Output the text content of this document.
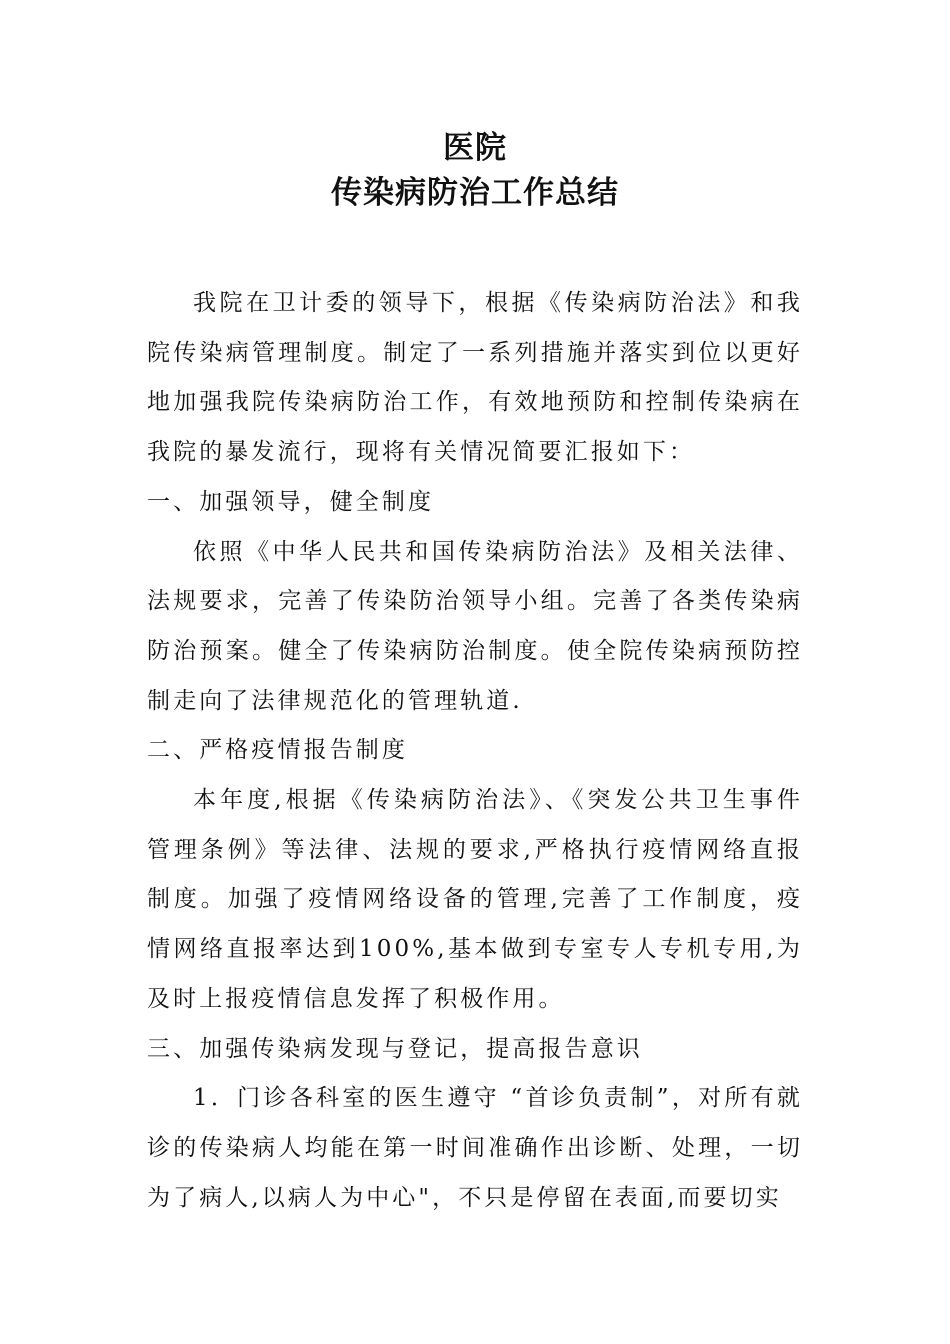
医院
传染病防治工作总结

我院在卫计委的领导下，根据《传染病防治法》和我院传染病管理制度。制定了一系列措施并落实到位以更好地加强我院传染病防治工作，有效地预防和控制传染病在我院的暴发流行，现将有关情况简要汇报如下：

一、加强领导，健全制度

依照《中华人民共和国传染病防治法》及相关法律、法规要求，完善了传染防治领导小组。完善了各类传染病防治预案。健全了传染病防治制度。使全院传染病预防控制走向了法律规范化的管理轨道.

二、严格疫情报告制度

本年度,根据《传染病防治法》、《突发公共卫生事件管理条例》等法律、法规的要求,严格执行疫情网络直报制度。加强了疫情网络设备的管理,完善了工作制度，疫情网络直报率达到100%,基本做到专室专人专机专用,为及时上报疫情信息发挥了积极作用。

三、加强传染病发现与登记，提高报告意识

1．门诊各科室的医生遵守 “首诊负责制”，对所有就诊的传染病人均能在第一时间准确作出诊断、处理，一切为了病人,以病人为中心"，不只是停留在表面,而要切实
